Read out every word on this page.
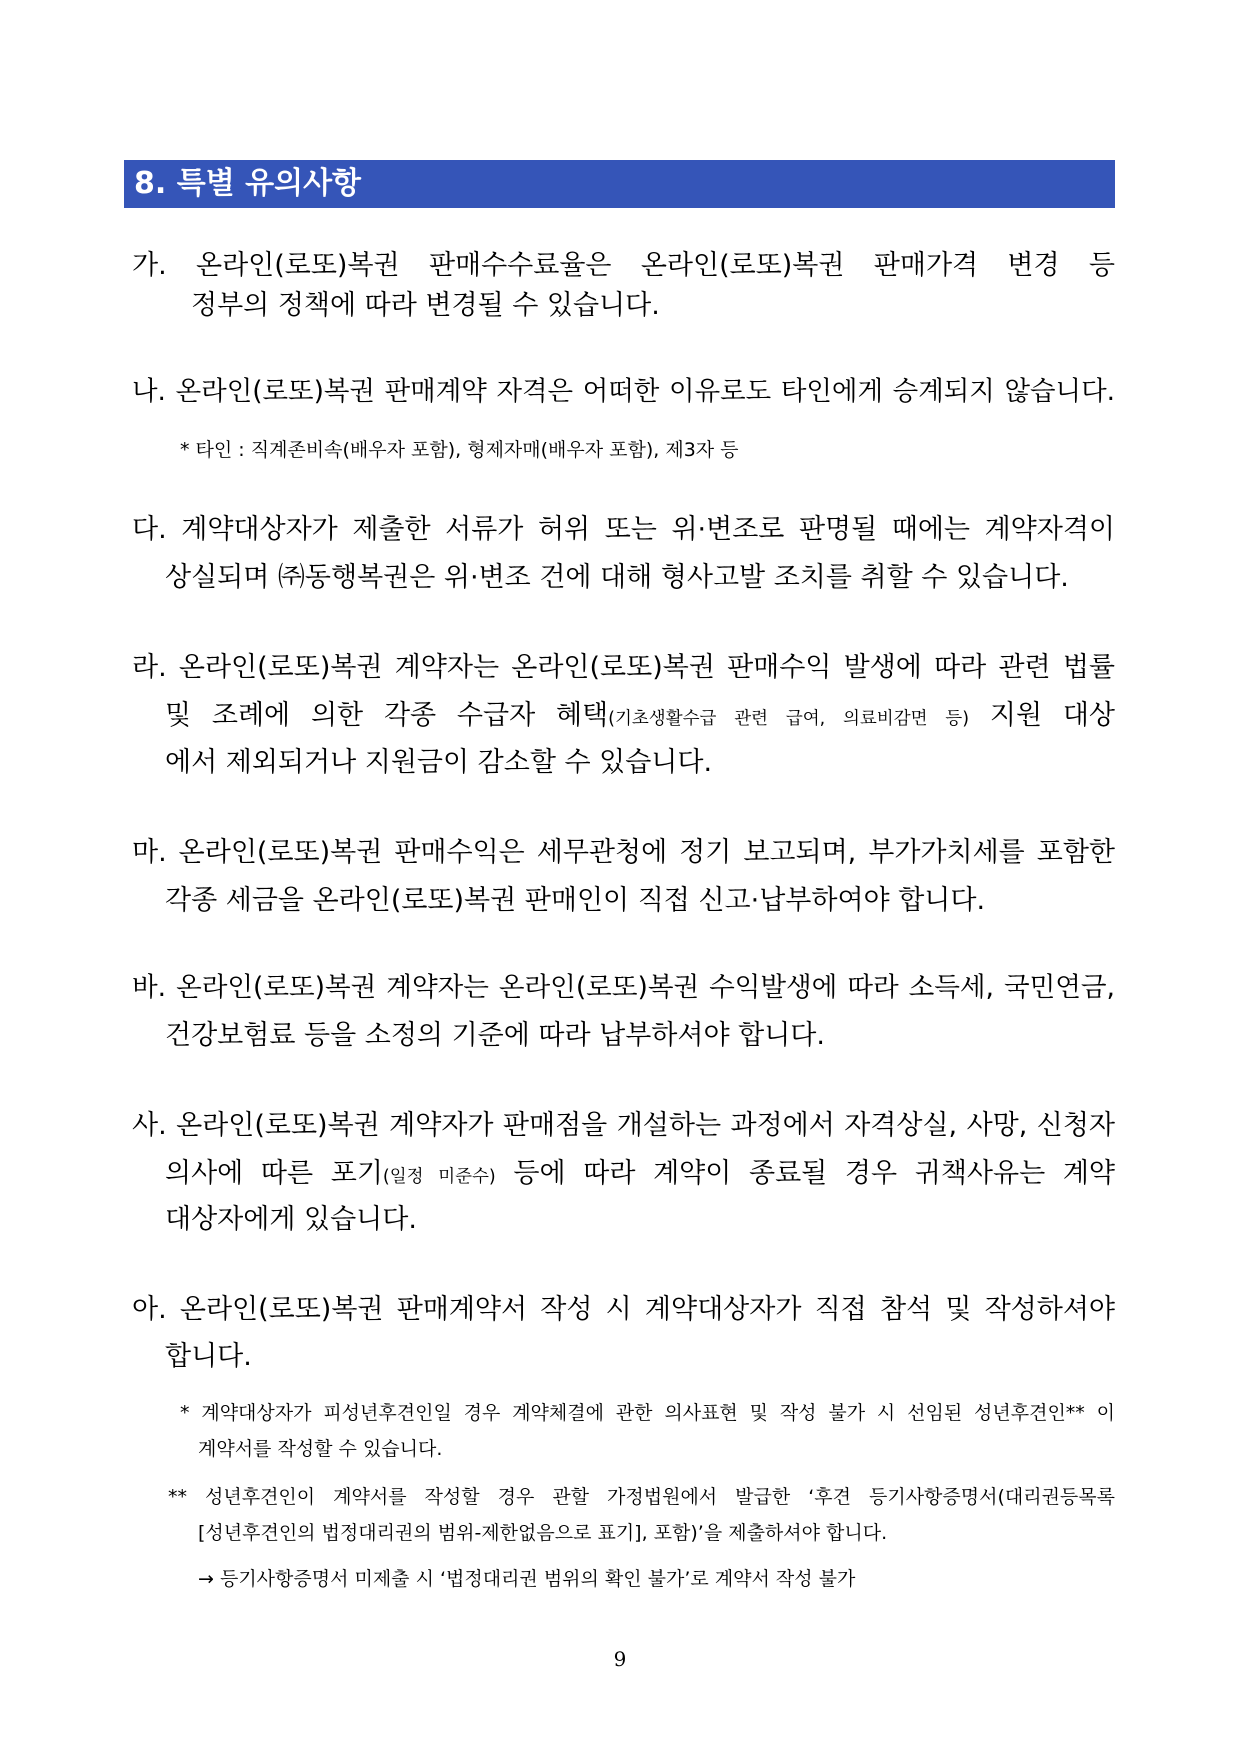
8. 특별 유의사항
가. 온라인(로또)복권 판매수수료율은 온라인(로또)복권 판매가격 변경 등
정부의 정책에 따라 변경될 수 있습니다.
나. 온라인(로또)복권 판매계약 자격은 어떠한 이유로도 타인에게 승계되지 않습니다.
* 타인 : 직계존비속(배우자 포함), 형제자매(배우자 포함), 제3자 등
다. 계약대상자가 제출한 서류가 허위 또는 위·변조로 판명될 때에는 계약자격이
상실되며 ㈜동행복권은 위·변조 건에 대해 형사고발 조치를 취할 수 있습니다.
라. 온라인(로또)복권 계약자는 온라인(로또)복권 판매수익 발생에 따라 관련 법률
및 조례에 의한 각종 수급자 혜택(기초생활수급 관련 급여, 의료비감면 등) 지원 대상
에서 제외되거나 지원금이 감소할 수 있습니다.
마. 온라인(로또)복권 판매수익은 세무관청에 정기 보고되며, 부가가치세를 포함한
각종 세금을 온라인(로또)복권 판매인이 직접 신고·납부하여야 합니다.
바. 온라인(로또)복권 계약자는 온라인(로또)복권 수익발생에 따라 소득세, 국민연금,
건강보험료 등을 소정의 기준에 따라 납부하셔야 합니다.
사. 온라인(로또)복권 계약자가 판매점을 개설하는 과정에서 자격상실, 사망, 신청자
의사에 따른 포기(일정 미준수) 등에 따라 계약이 종료될 경우 귀책사유는 계약
대상자에게 있습니다.
아. 온라인(로또)복권 판매계약서 작성 시 계약대상자가 직접 참석 및 작성하셔야
합니다.
* 계약대상자가 피성년후견인일 경우 계약체결에 관한 의사표현 및 작성 불가 시 선임된 성년후견인** 이
계약서를 작성할 수 있습니다.
** 성년후견인이 계약서를 작성할 경우 관할 가정법원에서 발급한 ‘후견 등기사항증명서(대리권등목록
[성년후견인의 법정대리권의 범위-제한없음으로 표기], 포함)’을 제출하셔야 합니다.
→ 등기사항증명서 미제출 시 ‘법정대리권 범위의 확인 불가’로 계약서 작성 불가
9
